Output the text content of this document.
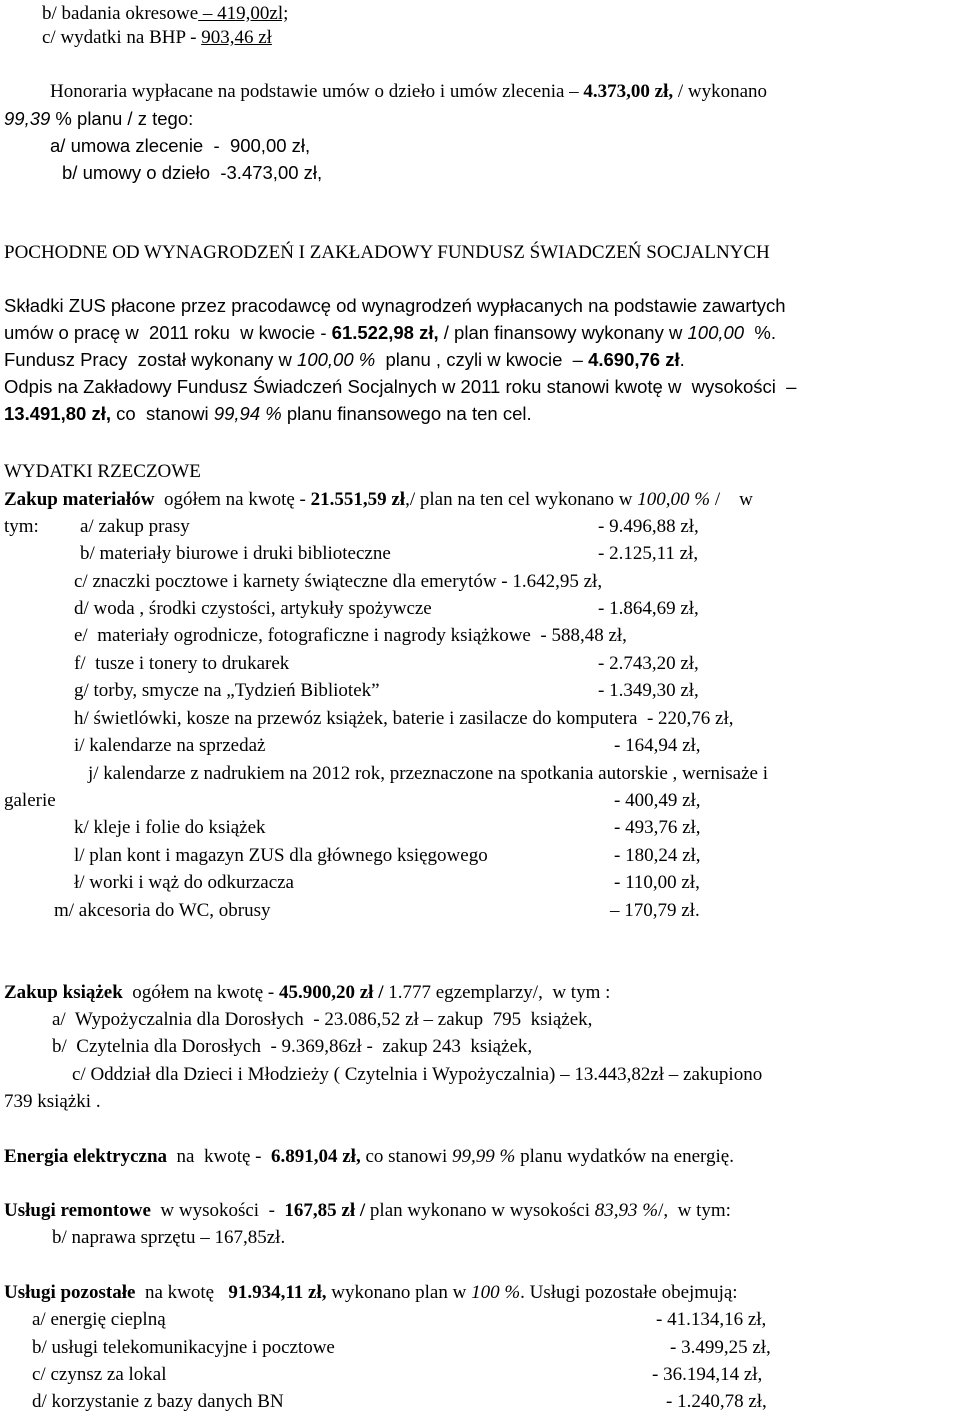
b/ badania okresowe – 419,00zl;
c/ wydatki na BHP - 903,46 zł
Honoraria wypłacane na podstawie umów o dzieło i umów zlecenia – 4.373,00 zł, / wykonano
99,39 % planu / z tego:
a/ umowa zlecenie  -  900,00 zł,
b/ umowy o dzieło  -3.473,00 zł,
POCHODNE OD WYNAGRODZEŃ I ZAKŁADOWY FUNDUSZ ŚWIADCZEŃ SOCJALNYCH
Składki ZUS płacone przez pracodawcę od wynagrodzeń wypłacanych na podstawie zawartych
umów o pracę w  2011 roku  w kwocie - 61.522,98 zł, / plan finansowy wykonany w 100,00  %.
Fundusz Pracy  został wykonany w 100,00 %  planu , czyli w kwocie  – 4.690,76 zł.
Odpis na Zakładowy Fundusz Świadczeń Socjalnych w 2011 roku stanowi kwotę w  wysokości  –
13.491,80 zł, co  stanowi 99,94 % planu finansowego na ten cel.
WYDATKI RZECZOWE
Zakup materiałów  ogółem na kwotę - 21.551,59 zł,/ plan na ten cel wykonano w 100,00 % /    w
tym: a/ zakup prasy	- 9.496,88 zł,
b/ materiały biurowe i druki biblioteczne	- 2.125,11 zł,
c/ znaczki pocztowe i karnety świąteczne dla emerytów - 1.642,95 zł,
d/ woda , środki czystości, artykuły spożywcze	- 1.864,69 zł,
e/  materiały ogrodnicze, fotograficzne i nagrody książkowe  - 588,48 zł,
f/  tusze i tonery to drukarek	- 2.743,20 zł,
g/ torby, smycze na „Tydzień Bibliotek”	- 1.349,30 zł,
h/ świetlówki, kosze na przewóz książek, baterie i zasilacze do komputera  - 220,76 zł,
i/ kalendarze na sprzedaż	- 164,94 zł,
j/ kalendarze z nadrukiem na 2012 rok, przeznaczone na spotkania autorskie , wernisaże i
galerie	- 400,49 zł,
k/ kleje i folie do książek	- 493,76 zł,
l/ plan kont i magazyn ZUS dla głównego księgowego	- 180,24 zł,
ł/ worki i wąż do odkurzacza	- 110,00 zł,
m/ akcesoria do WC, obrusy	– 170,79 zł.
Zakup książek  ogółem na kwotę - 45.900,20 zł / 1.777 egzemplarzy/,  w tym :
a/  Wypożyczalnia dla Dorosłych  - 23.086,52 zł – zakup  795  książek,
b/  Czytelnia dla Dorosłych  - 9.369,86zł -  zakup 243  książek,
c/ Oddział dla Dzieci i Młodzieży ( Czytelnia i Wypożyczalnia) – 13.443,82zł – zakupiono
739 książki .
Energia elektryczna  na  kwotę -  6.891,04 zł, co stanowi 99,99 % planu wydatków na energię.
Usługi remontowe  w wysokości  -  167,85 zł / plan wykonano w wysokości 83,93 %/,  w tym:
b/ naprawa sprzętu – 167,85zł.
Usługi pozostałe  na kwotę   91.934,11 zł, wykonano plan w 100 %. Usługi pozostałe obejmują:
a/ energię cieplną	- 41.134,16 zł,
b/ usługi telekomunikacyjne i pocztowe	- 3.499,25 zł,
c/ czynsz za lokal	- 36.194,14 zł,
d/ korzystanie z bazy danych BN	- 1.240,78 zł,
